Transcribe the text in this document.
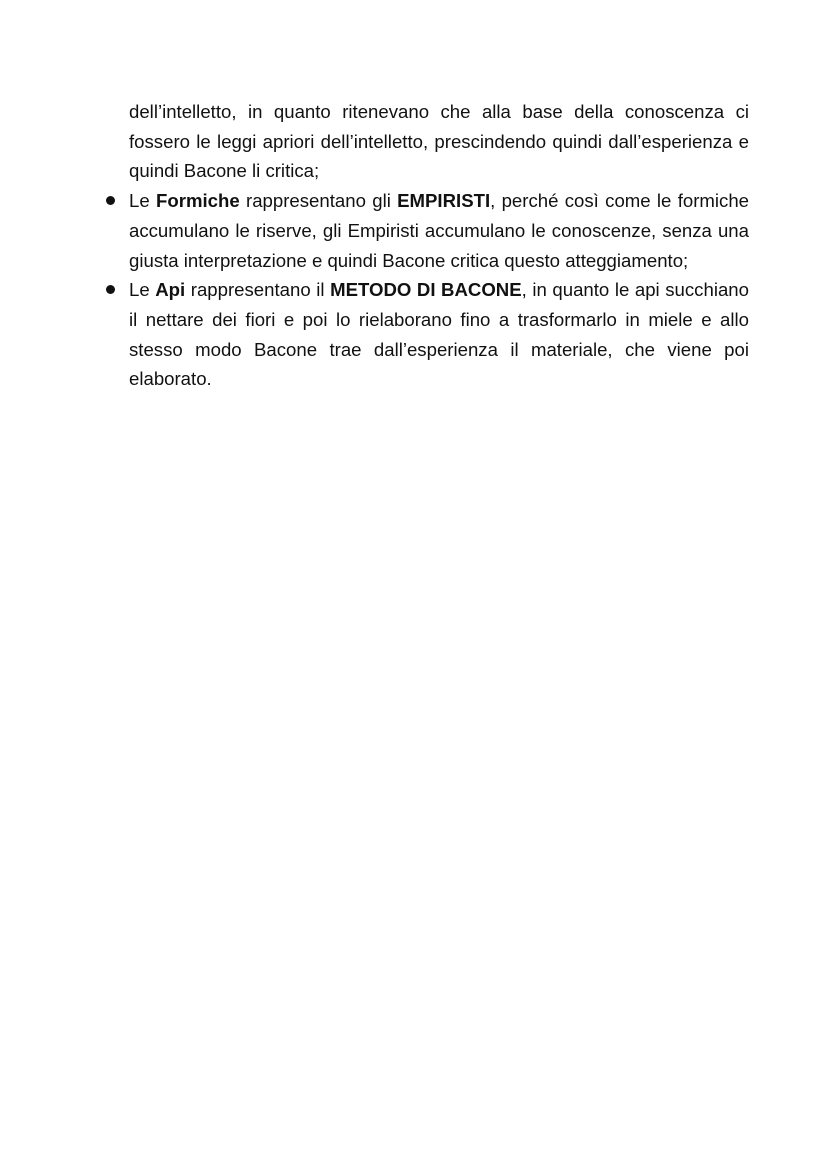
dell’intelletto, in quanto ritenevano che alla base della conoscenza ci fossero le leggi apriori dell’intelletto, prescindendo quindi dall’esperienza e quindi Bacone li critica;

Le Formiche rappresentano gli EMPIRISTI, perché così come le formiche accumulano le riserve, gli Empiristi accumulano le conoscenze, senza una giusta interpretazione e quindi Bacone critica questo atteggiamento;
Le Api rappresentano il METODO DI BACONE, in quanto le api succhiano il nettare dei fiori e poi lo rielaborano fino a trasformarlo in miele e allo stesso modo Bacone trae dall’esperienza il materiale, che viene poi elaborato.
